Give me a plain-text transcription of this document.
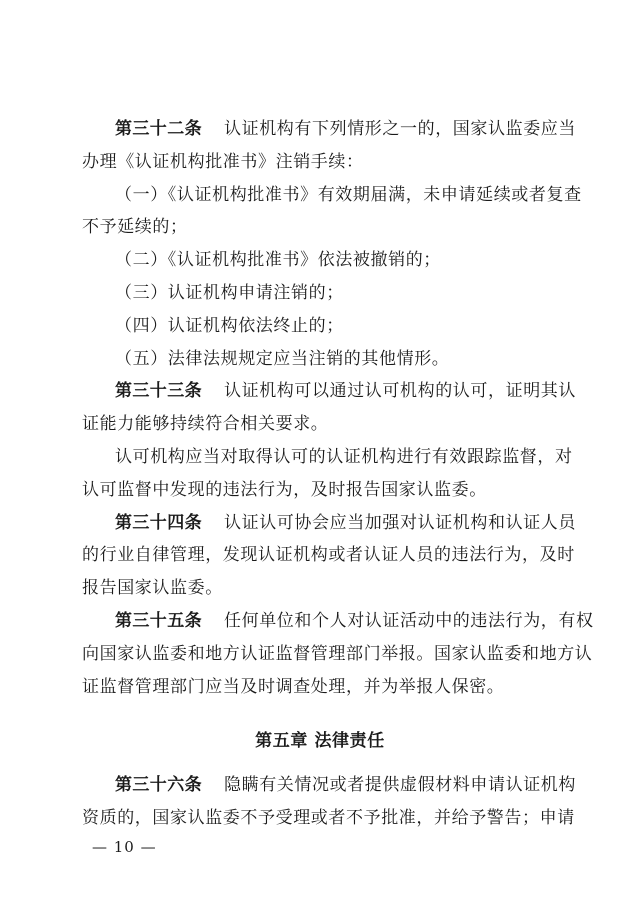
第三十二条 认证机构有下列情形之一的，国家认监委应当
办理《认证机构批准书》注销手续：
（一）《认证机构批准书》有效期届满，未申请延续或者复查
不予延续的；
（二）《认证机构批准书》依法被撤销的；
（三）认证机构申请注销的；
（四）认证机构依法终止的；
（五）法律法规规定应当注销的其他情形。
第三十三条 认证机构可以通过认可机构的认可，证明其认
证能力能够持续符合相关要求。
认可机构应当对取得认可的认证机构进行有效跟踪监督，对
认可监督中发现的违法行为，及时报告国家认监委。
第三十四条 认证认可协会应当加强对认证机构和认证人员
的行业自律管理，发现认证机构或者认证人员的违法行为，及时
报告国家认监委。
第三十五条 任何单位和个人对认证活动中的违法行为，有权
向国家认监委和地方认证监督管理部门举报。国家认监委和地方认
证监督管理部门应当及时调查处理，并为举报人保密。
第五章 法律责任
第三十六条 隐瞒有关情况或者提供虚假材料申请认证机构
资质的，国家认监委不予受理或者不予批准，并给予警告；申请
— 10 —
